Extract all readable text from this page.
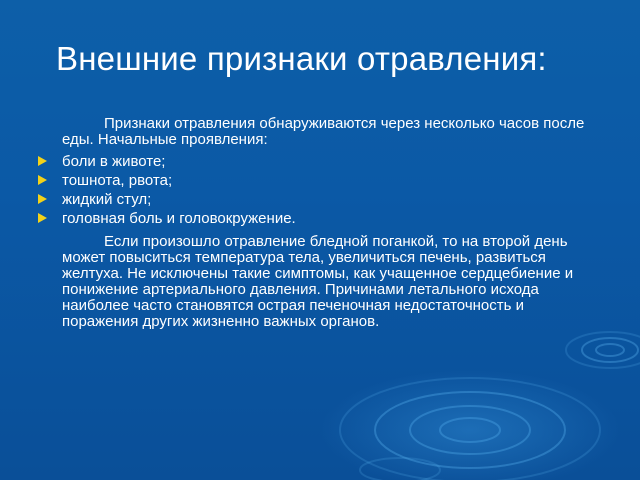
Внешние признаки отравления:

Признаки отравления обнаруживаются через несколько часов после еды. Начальные проявления:

боли в животе;
тошнота, рвота;
жидкий стул;
головная боль и головокружение.

Если произошло отравление бледной поганкой, то на второй день может повыситься температура тела, увеличиться печень, развиться желтуха. Не исключены такие симптомы, как учащенное сердцебиение и понижение артериального давления. Причинами летального исхода наиболее часто становятся острая печеночная недостаточность и поражения других жизненно важных органов.
